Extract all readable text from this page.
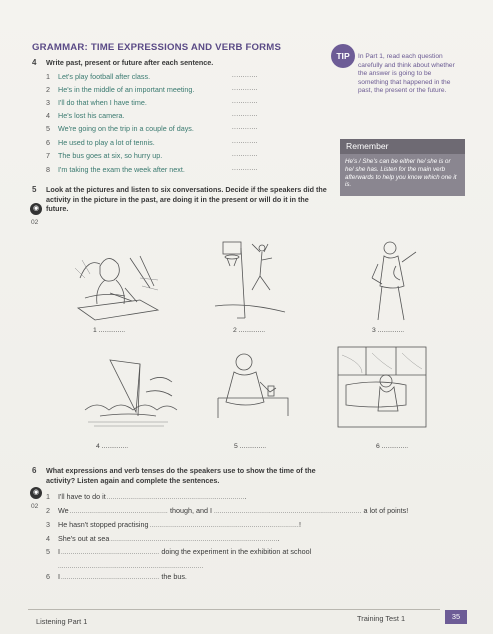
GRAMMAR: TIME EXPRESSIONS AND VERB FORMS
4 Write past, present or future after each sentence.
1 Let's play football after class.	............
2 He's in the middle of an important meeting.	............
3 I'll do that when I have time.	............
4 He's lost his camera.	............
5 We're going on the trip in a couple of days.	............
6 He used to play a lot of tennis.	............
7 The bus goes at six, so hurry up.	............
8 I'm taking the exam the week after next.	............
TIP	In Part 1, read each question carefully and think about whether the answer is going to be something that happened in the past, the present or the future.
Remember
He's / She's can be either he/ she is or he/ she has. Listen for the main verb afterwards to help you know which one it is.
5 Look at the pictures and listen to six conversations. Decide if the speakers did the activity in the picture in the past, are doing it in the present or will do it in the future.
◉
02
1 ..............	2 ..............	3 ..............
4 ..............	5 ..............	6 ..............
6 What expressions and verb tenses do the speakers use to show the time of the activity? Listen again and complete the sentences.
◉
02
1 I'll have to do it.......................................................................
2 We.................................................. though, and I ........................................................................... a lot of points!
3 He hasn't stopped practising............................................................................!
4 She's out at sea......................................................................................
5 I.................................................. doing the experiment in the exhibition at school
6 I.................................................. the bus.
..........................................................................
Listening Part 1	Training Test 1	35
